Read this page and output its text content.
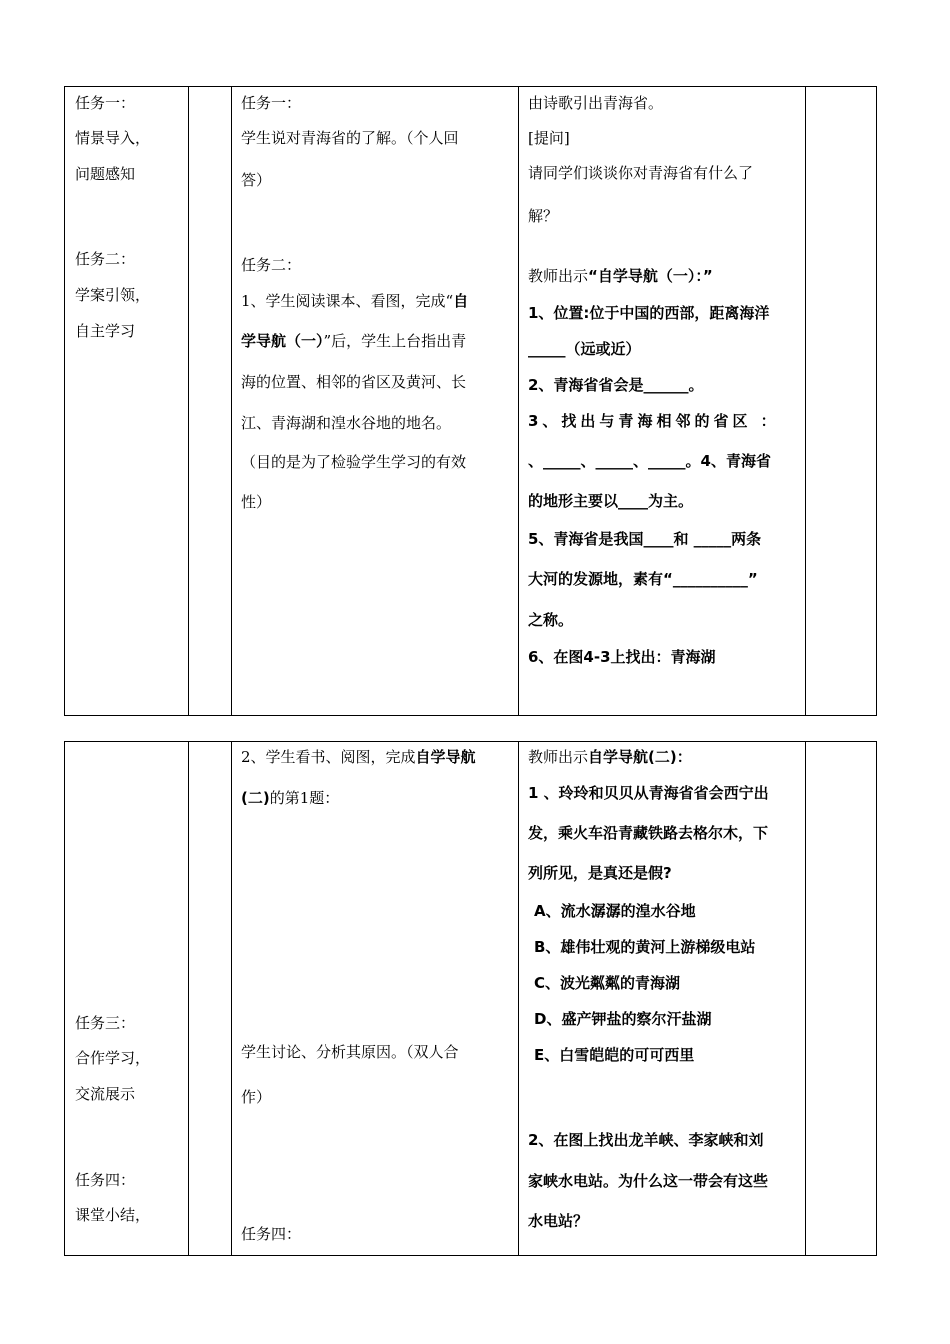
任务一：
情景导入，
问题感知
任务二：
学案引领，
自主学习
任务一：
学生说对青海省的了解。（个人回
答）
任务二：
1、学生阅读课本、看图，完成“自
学导航（一）”后，学生上台指出青
海的位置、相邻的省区及黄河、长
江、青海湖和湟水谷地的地名。
（目的是为了检验学生学习的有效
性）
由诗歌引出青海省。
[提问]
请同学们谈谈你对青海省有什么了
解？
教师出示“自学导航（一）：”
1、位置:位于中国的西部，距离海洋
_____（远或近）
2、青海省省会是______。
3、找出与青海相邻的省区 ：
、_____、_____、_____。4、青海省
的地形主要以____为主。
5、青海省是我国____和 _____两条
大河的发源地，素有“__________”
之称。
6、在图4-3上找出：青海湖
任务三：
合作学习，
交流展示
任务四：
课堂小结，
2、学生看书、阅图，完成自学导航
(二)的第1题：
学生讨论、分析其原因。（双人合
作）
任务四：
教师出示自学导航(二)：
1 、玲玲和贝贝从青海省省会西宁出
发，乘火车沿青藏铁路去格尔木，下
列所见，是真还是假?
A、流水潺潺的湟水谷地
B、雄伟壮观的黄河上游梯级电站
C、波光粼粼的青海湖
D、盛产钾盐的察尔汗盐湖
E、白雪皑皑的可可西里
2、在图上找出龙羊峡、李家峡和刘
家峡水电站。为什么这一带会有这些
水电站？
